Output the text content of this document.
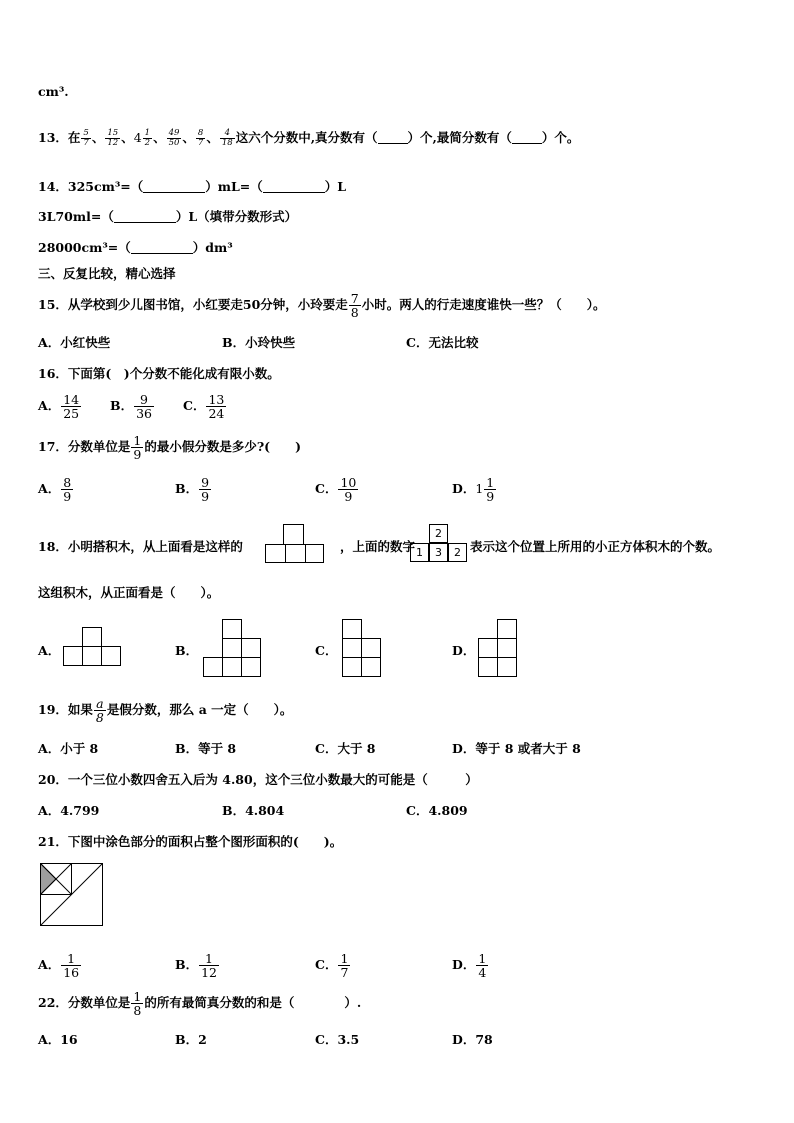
cm³.
13．在 $\frac{5}{7}$ 、 $\frac{15}{12}$ 、$4 \frac{1}{2}$ 、 $\frac{49}{50}$ 、 $\frac{8}{7}$ 、 $\frac{4}{18}$ 这六个分数中,真分数有（ ）个,最简分数有（ ）个。
14．325cm³=（	）mL=（	）L
3L70ml=（	）L（填带分数形式）
28000cm³=（	）dm³
三、反复比较，精心选择
15．从学校到少儿图书馆，小红要走50分钟，小玲要走 $\frac{7}{8}$ 小时。两人的行走速度谁快一些？（　　）。
A．小红快些	B．小玲快些	C．无法比较
16．下面第(　)个分数不能化成有限小数。
A． $\frac{14}{25}$ B． $\frac{9}{36}$ C． $\frac{13}{24}$
17．分数单位是 $\frac{1}{9}$ 的最小假分数是多少?(　　)
A． $\frac{8}{9}$	B． $\frac{9}{9}$	C． $\frac{10}{9}$	D．$1 \frac{1}{9}$
18．小明搭积木，从上面看是这样的	，上面的数字
2
1	3	2 表示这个位置上所用的小正方体积木的个数。
这组积木，从正面看是（　　）。
A．	B．	C．	D．
19．如果 $\frac{a}{8}$ 是假分数，那么 a 一定（　　）。
A．小于 8	B．等于 8	C．大于 8	D．等于 8 或者大于 8
20．一个三位小数四舍五入后为 4.80，这个三位小数最大的可能是（　　　）
A．4.799	B．4.804	C．4.809
21．下图中涂色部分的面积占整个图形面积的(　　)。
A． $\frac{1}{16}$	B． $\frac{1}{12}$	C． $\frac{1}{7}$	D． $\frac{1}{4}$
22．分数单位是 $\frac{1}{8}$ 的所有最简真分数的和是（　　　　）.
A．16	B．2	C．3.5	D．78
